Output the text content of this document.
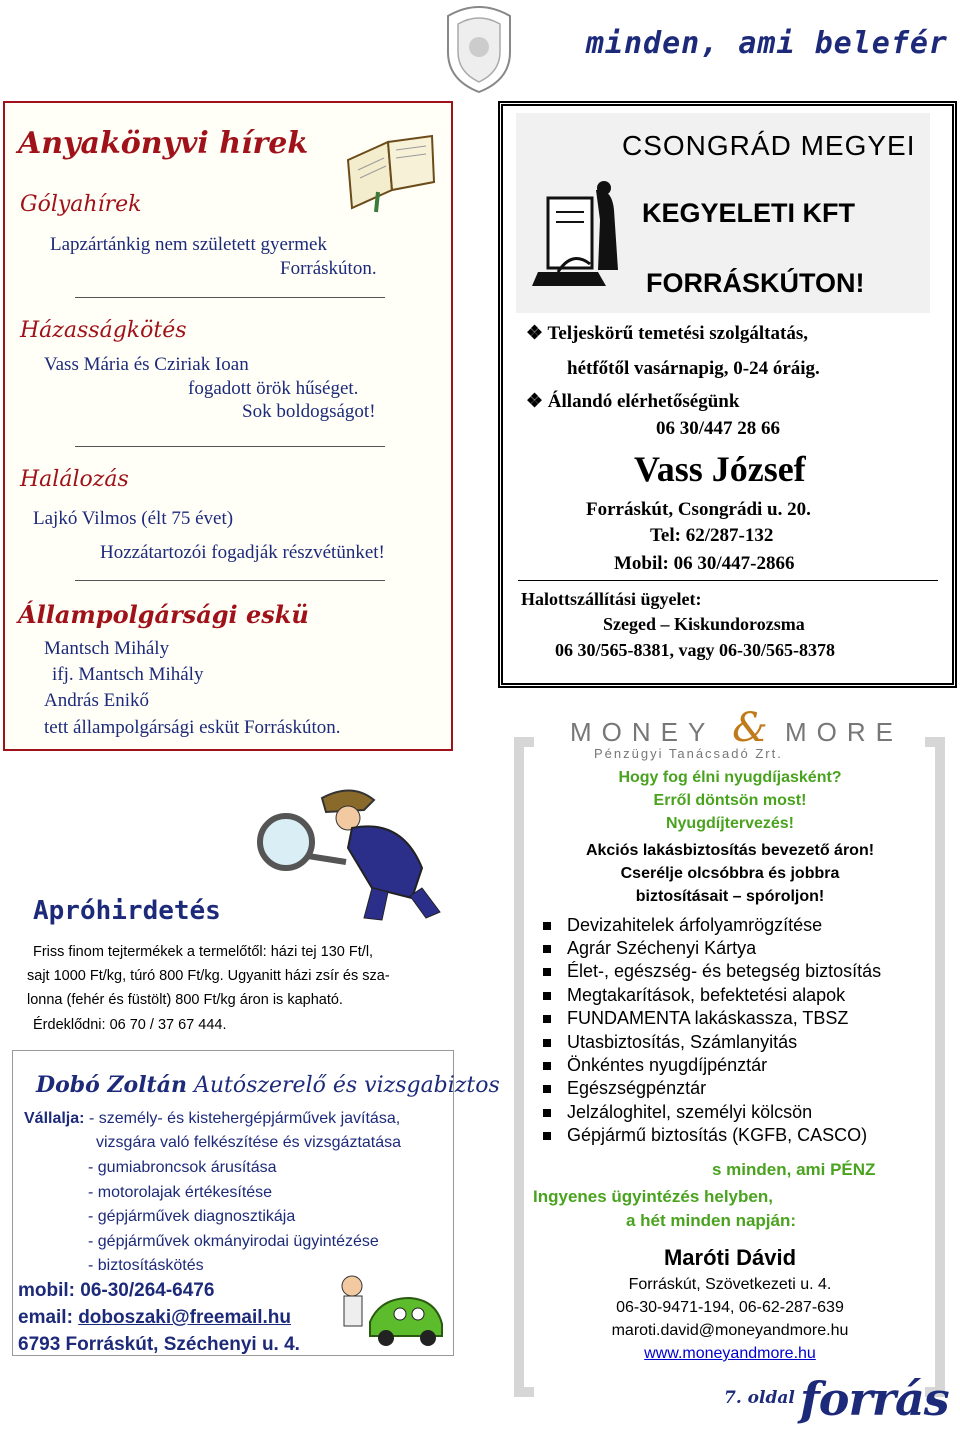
minden, ami belefér
Anyakönyvi hírek
Gólyahírek
Lapzártánkig nem született gyermek
Forráskúton.
Házasságkötés
Vass Mária és Cziriak Ioan
fogadott örök hűséget.
Sok boldogságot!
Halálozás
Lajkó Vilmos (élt 75 évet)
Hozzátartozói fogadják részvétünket!
Állampolgársági eskü
Mantsch Mihály
ifj. Mantsch Mihály
András Enikő
tett állampolgársági esküt Forráskúton.
CSONGRÁD MEGYEI
KEGYELETI KFT
FORRÁSKÚTON!
❖ Teljeskörű temetési szolgáltatás,
hétfőtől vasárnapig, 0-24 óráig.
❖ Állandó elérhetőségünk
06 30/447 28 66
Vass József
Forráskút, Csongrádi u. 20.
Tel: 62/287-132
Mobil: 06 30/447-2866
Halottszállítási ügyelet:
Szeged – Kiskundorozsma
06 30/565-8381, vagy 06-30/565-8378
Apróhirdetés
Friss finom tejtermékek a termelőtől: házi tej 130 Ft/l,
sajt 1000 Ft/kg, túró 800 Ft/kg. Ugyanitt házi zsír és sza-
lonna (fehér és füstölt) 800 Ft/kg áron is kapható.
Érdeklődni: 06 70 / 37 67 444.
Dobó Zoltán Autószerelő és vizsgabiztos
Vállalja: - személy- és kistehergépjárművek javítása,
vizsgára való felkészítése és vizsgáztatása
- gumiabroncsok árusítása
- motorolajak értékesítése
- gépjárművek diagnosztikája
- gépjárművek okmányirodai ügyintézése
- biztosításkötés
mobil: 06-30/264-6476
email: doboszaki@freemail.hu
6793 Forráskút, Széchenyi u. 4.
MONEY & MORE
Pénzügyi Tanácsadó Zrt.
Hogy fog élni nyugdíjasként?
Erről döntsön most!
Nyugdíjtervezés!
Akciós lakásbiztosítás bevezető áron!
Cserélje olcsóbbra és jobbra
biztosításait – spóroljon!
Devizahitelek árfolyamrögzítése
Agrár Széchenyi Kártya
Élet-, egészség- és betegség biztosítás
Megtakarítások, befektetési alapok
FUNDAMENTA lakáskassza, TBSZ
Utasbiztosítás, Számlanyitás
Önkéntes nyugdíjpénztár
Egészségpénztár
Jelzáloghitel, személyi kölcsön
Gépjármű biztosítás (KGFB, CASCO)
s minden, ami PÉNZ
Ingyenes ügyintézés helyben,
a hét minden napján:
Maróti Dávid
Forráskút, Szövetkezeti u. 4.
06-30-9471-194, 06-62-287-639
maroti.david@moneyandmore.hu
www.moneyandmore.hu
7. oldal forrás
